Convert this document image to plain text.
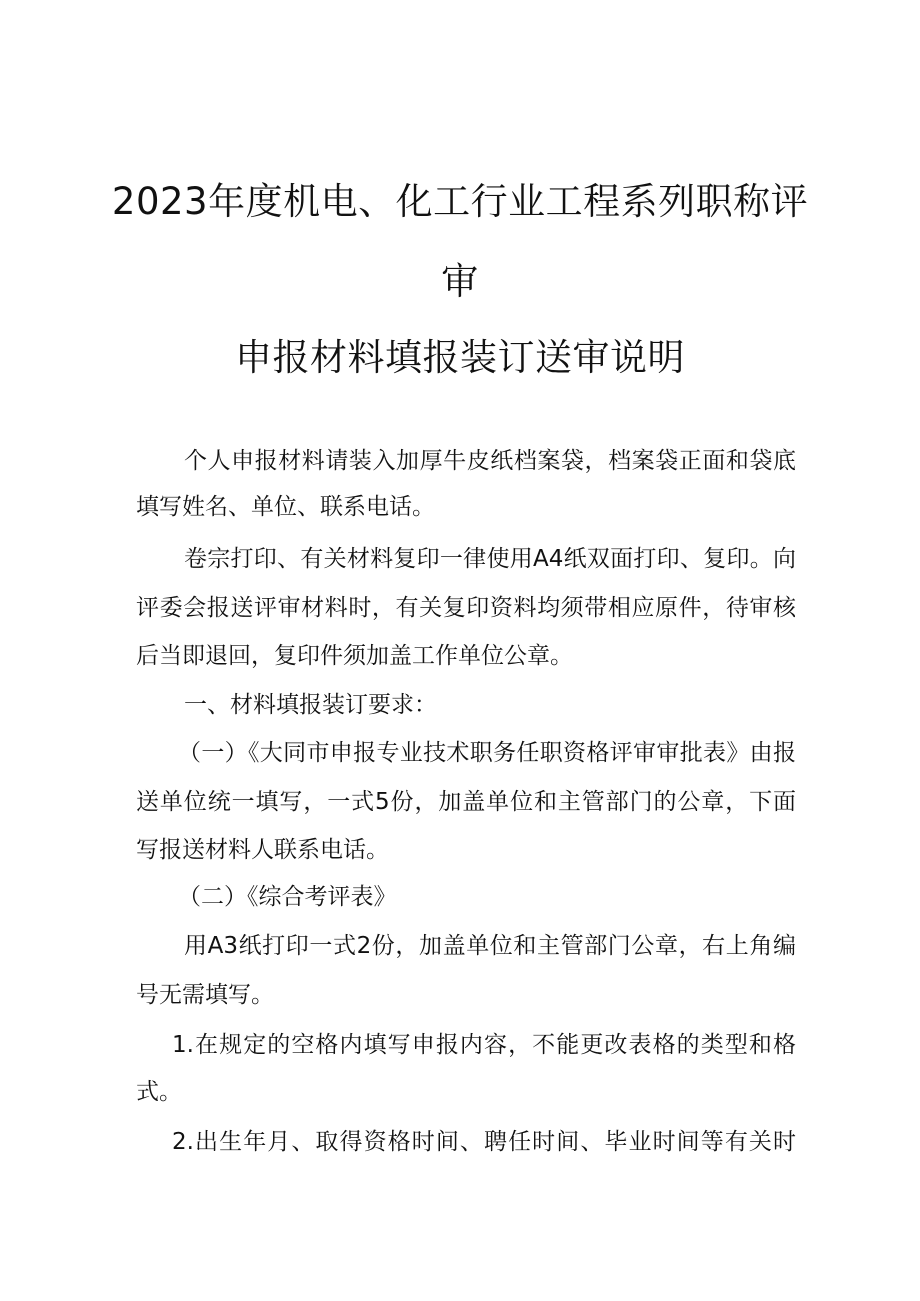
2023年度机电、化工行业工程系列职称评
审
申报材料填报装订送审说明
个人申报材料请装入加厚牛皮纸档案袋，档案袋正面和袋底
填写姓名、单位、联系电话。
卷宗打印、有关材料复印一律使用A4纸双面打印、复印。向
评委会报送评审材料时，有关复印资料均须带相应原件，待审核
后当即退回，复印件须加盖工作单位公章。
一、材料填报装订要求：
（一）《大同市申报专业技术职务任职资格评审审批表》由报
送单位统一填写，一式5份，加盖单位和主管部门的公章，下面
写报送材料人联系电话。
（二）《综合考评表》
用A3纸打印一式2份，加盖单位和主管部门公章，右上角编
号无需填写。
1.在规定的空格内填写申报内容，不能更改表格的类型和格
式。
2.出生年月、取得资格时间、聘任时间、毕业时间等有关时
